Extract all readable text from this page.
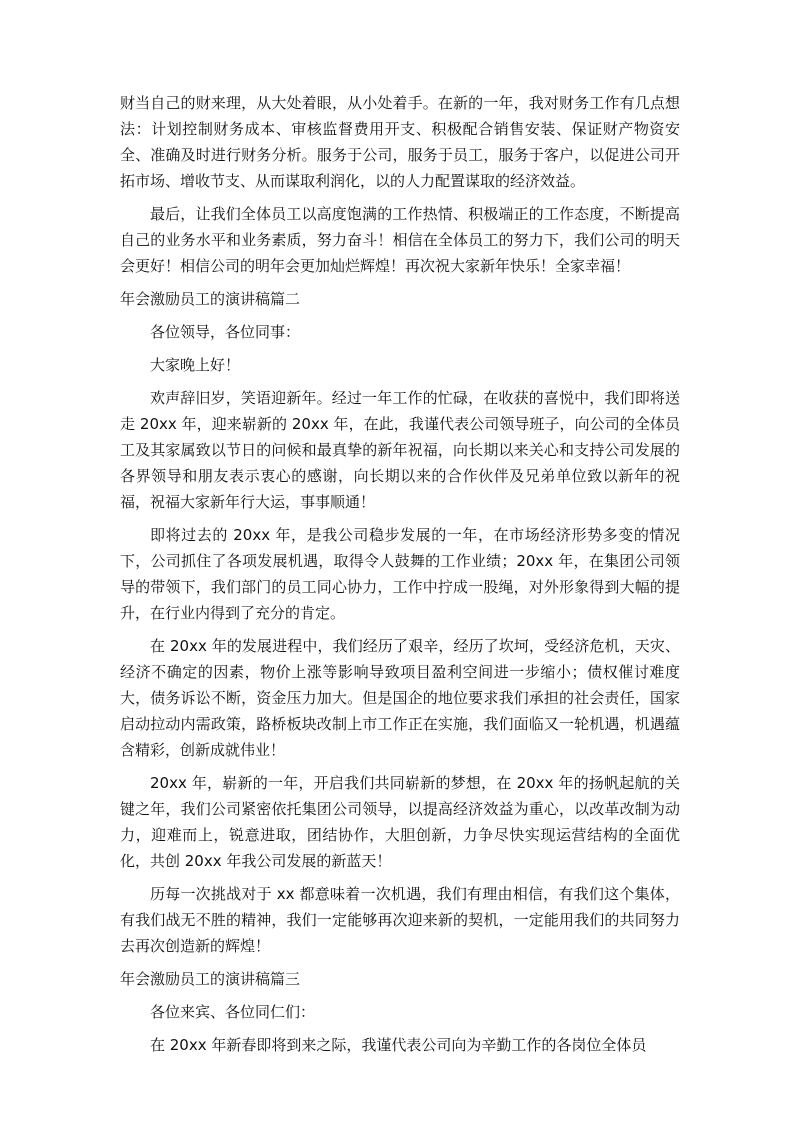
财当自己的财来理，从大处着眼，从小处着手。在新的一年，我对财务工作有几点想法：计划控制财务成本、审核监督费用开支、积极配合销售安装、保证财产物资安全、准确及时进行财务分析。服务于公司，服务于员工，服务于客户，以促进公司开拓市场、增收节支、从而谋取利润化，以的人力配置谋取的经济效益。

最后，让我们全体员工以高度饱满的工作热情、积极端正的工作态度，不断提高自己的业务水平和业务素质，努力奋斗！相信在全体员工的努力下，我们公司的明天会更好！相信公司的明年会更加灿烂辉煌！再次祝大家新年快乐！全家幸福！

年会激励员工的演讲稿篇二

各位领导，各位同事：

大家晚上好！

欢声辞旧岁，笑语迎新年。经过一年工作的忙碌，在收获的喜悦中，我们即将送走 20xx 年，迎来崭新的 20xx 年，在此，我谨代表公司领导班子，向公司的全体员工及其家属致以节日的问候和最真挚的新年祝福，向长期以来关心和支持公司发展的各界领导和朋友表示衷心的感谢，向长期以来的合作伙伴及兄弟单位致以新年的祝福，祝福大家新年行大运，事事顺通！

即将过去的 20xx 年，是我公司稳步发展的一年，在市场经济形势多变的情况下，公司抓住了各项发展机遇，取得令人鼓舞的工作业绩；20xx 年，在集团公司领导的带领下，我们部门的员工同心协力，工作中拧成一股绳，对外形象得到大幅的提升，在行业内得到了充分的肯定。

在 20xx 年的发展进程中，我们经历了艰辛，经历了坎坷，受经济危机，天灾、经济不确定的因素，物价上涨等影响导致项目盈利空间进一步缩小；债权催讨难度大，债务诉讼不断，资金压力加大。但是国企的地位要求我们承担的社会责任，国家启动拉动内需政策，路桥板块改制上市工作正在实施，我们面临又一轮机遇，机遇蕴含精彩，创新成就伟业！

20xx 年，崭新的一年，开启我们共同崭新的梦想，在 20xx 年的扬帆起航的关键之年，我们公司紧密依托集团公司领导，以提高经济效益为重心，以改革改制为动力，迎难而上，锐意进取，团结协作，大胆创新，力争尽快实现运营结构的全面优化，共创 20xx 年我公司发展的新蓝天！

历每一次挑战对于 xx 都意味着一次机遇，我们有理由相信，有我们这个集体，有我们战无不胜的精神，我们一定能够再次迎来新的契机，一定能用我们的共同努力去再次创造新的辉煌！

年会激励员工的演讲稿篇三

各位来宾、各位同仁们：

在 20xx 年新春即将到来之际，我谨代表公司向为辛勤工作的各岗位全体员
